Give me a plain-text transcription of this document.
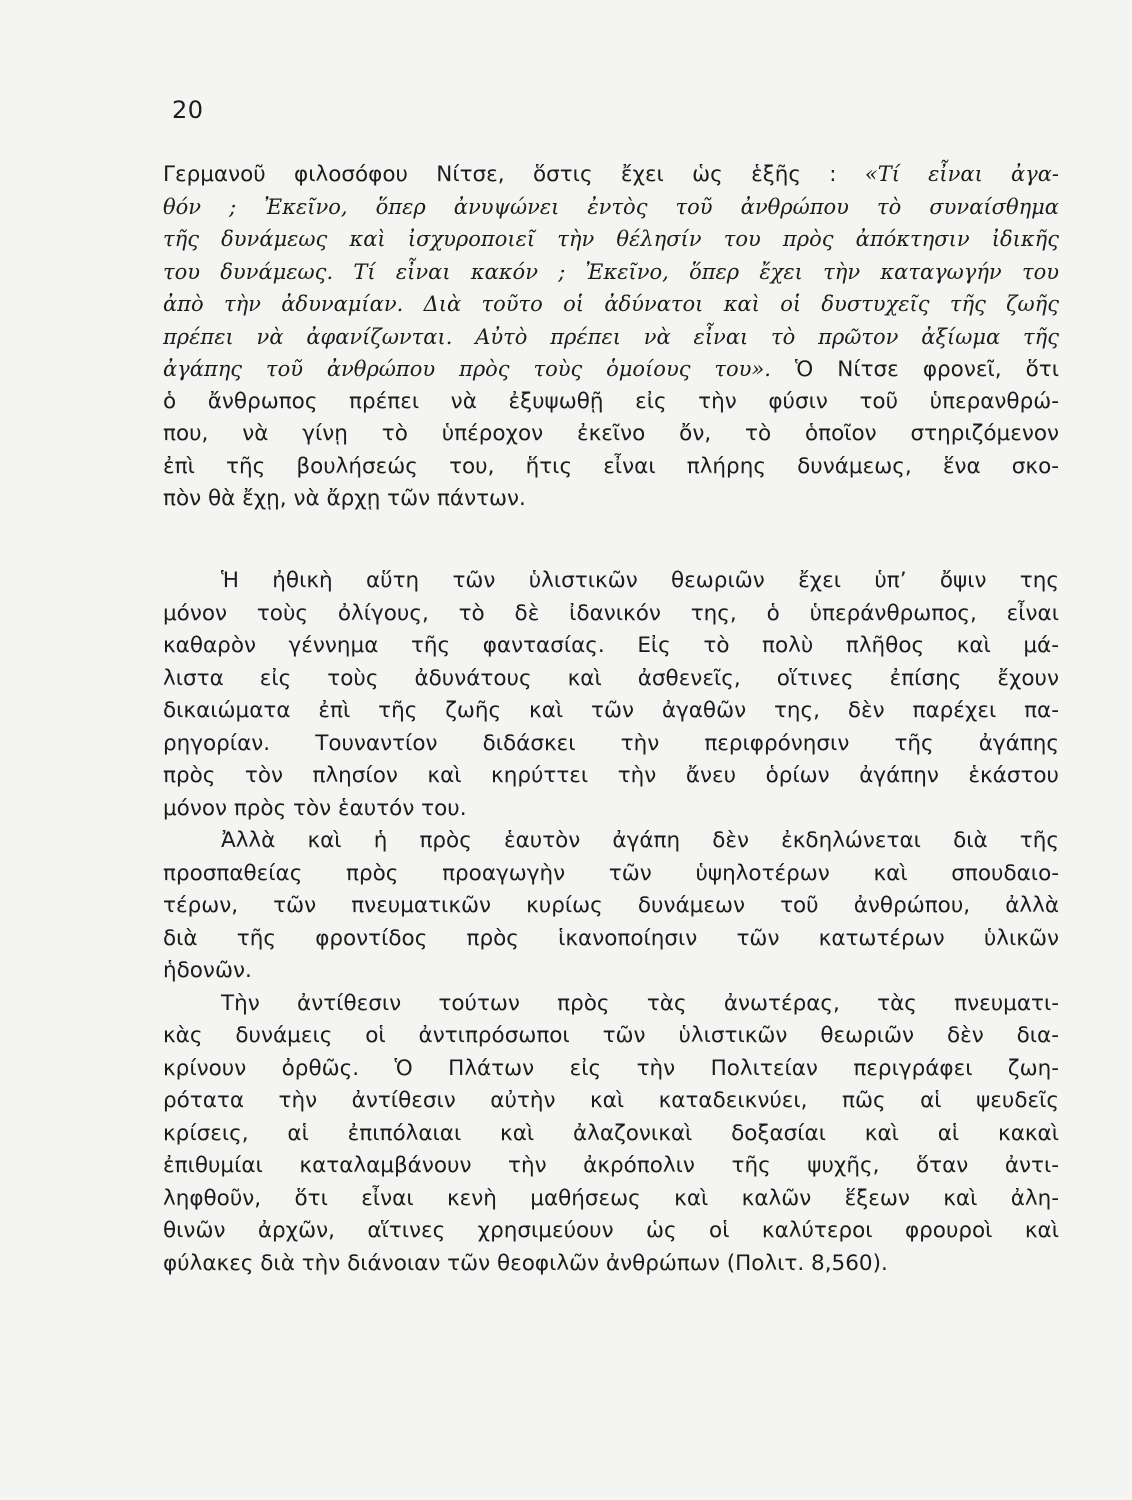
20
Γερμανοῦ φιλοσόφου Νίτσε, ὅστις ἔχει ὡς ἑξῆς : «Τί εἶναι ἀγα-
θόν ; Ἐκεῖνο, ὅπερ ἀνυψώνει ἐντὸς τοῦ ἀνθρώπου τὸ συναίσθημα
τῆς δυνάμεως καὶ ἰσχυροποιεῖ τὴν θέλησίν του πρὸς ἀπόκτησιν ἰδικῆς
του δυνάμεως. Τί εἶναι κακόν ; Ἐκεῖνο, ὅπερ ἔχει τὴν καταγωγήν του
ἀπὸ τὴν ἀδυναμίαν. Διὰ τοῦτο οἱ ἀδύνατοι καὶ οἱ δυστυχεῖς τῆς ζωῆς
πρέπει νὰ ἀφανίζωνται. Αὐτὸ πρέπει νὰ εἶναι τὸ πρῶτον ἀξίωμα τῆς
ἀγάπης τοῦ ἀνθρώπου πρὸς τοὺς ὁμοίους του». Ὁ Νίτσε φρονεῖ, ὅτι
ὁ ἄνθρωπος πρέπει νὰ ἐξυψωθῇ εἰς τὴν φύσιν τοῦ ὑπερανθρώ-
που, νὰ γίνῃ τὸ ὑπέροχον ἐκεῖνο ὄν, τὸ ὁποῖον στηριζόμενον
ἐπὶ τῆς βουλήσεώς του, ἥτις εἶναι πλήρης δυνάμεως, ἕνα σκο-
πὸν θὰ ἔχῃ, νὰ ἄρχῃ τῶν πάντων.
Ἡ ἠθικὴ αὕτη τῶν ὑλιστικῶν θεωριῶν ἔχει ὑπ’ ὄψιν της
μόνον τοὺς ὀλίγους, τὸ δὲ ἰδανικόν της, ὁ ὑπεράνθρωπος, εἶναι
καθαρὸν γέννημα τῆς φαντασίας. Εἰς τὸ πολὺ πλῆθος καὶ μά-
λιστα εἰς τοὺς ἀδυνάτους καὶ ἀσθενεῖς, οἵτινες ἐπίσης ἔχουν
δικαιώματα ἐπὶ τῆς ζωῆς καὶ τῶν ἀγαθῶν της, δὲν παρέχει πα-
ρηγορίαν. Τουναντίον διδάσκει τὴν περιφρόνησιν τῆς ἀγάπης
πρὸς τὸν πλησίον καὶ κηρύττει τὴν ἄνευ ὁρίων ἀγάπην ἑκάστου
μόνον πρὸς τὸν ἑαυτόν του.
Ἀλλὰ καὶ ἡ πρὸς ἑαυτὸν ἀγάπη δὲν ἐκδηλώνεται διὰ τῆς
προσπαθείας πρὸς προαγωγὴν τῶν ὑψηλοτέρων καὶ σπουδαιο-
τέρων, τῶν πνευματικῶν κυρίως δυνάμεων τοῦ ἀνθρώπου, ἀλλὰ
διὰ τῆς φροντίδος πρὸς ἱκανοποίησιν τῶν κατωτέρων ὑλικῶν
ἡδονῶν.
Τὴν ἀντίθεσιν τούτων πρὸς τὰς ἀνωτέρας, τὰς πνευματι-
κὰς δυνάμεις οἱ ἀντιπρόσωποι τῶν ὑλιστικῶν θεωριῶν δὲν δια-
κρίνουν ὀρθῶς. Ὁ Πλάτων εἰς τὴν Πολιτείαν περιγράφει ζωη-
ρότατα τὴν ἀντίθεσιν αὐτὴν καὶ καταδεικνύει, πῶς αἱ ψευδεῖς
κρίσεις, αἱ ἐπιπόλαιαι καὶ ἀλαζονικαὶ δοξασίαι καὶ αἱ κακαὶ
ἐπιθυμίαι καταλαμβάνουν τὴν ἀκρόπολιν τῆς ψυχῆς, ὅταν ἀντι-
ληφθοῦν, ὅτι εἶναι κενὴ μαθήσεως καὶ καλῶν ἕξεων καὶ ἀλη-
θινῶν ἀρχῶν, αἵτινες χρησιμεύουν ὡς οἱ καλύτεροι φρουροὶ καὶ
φύλακες διὰ τὴν διάνοιαν τῶν θεοφιλῶν ἀνθρώπων (Πολιτ. 8,560).
